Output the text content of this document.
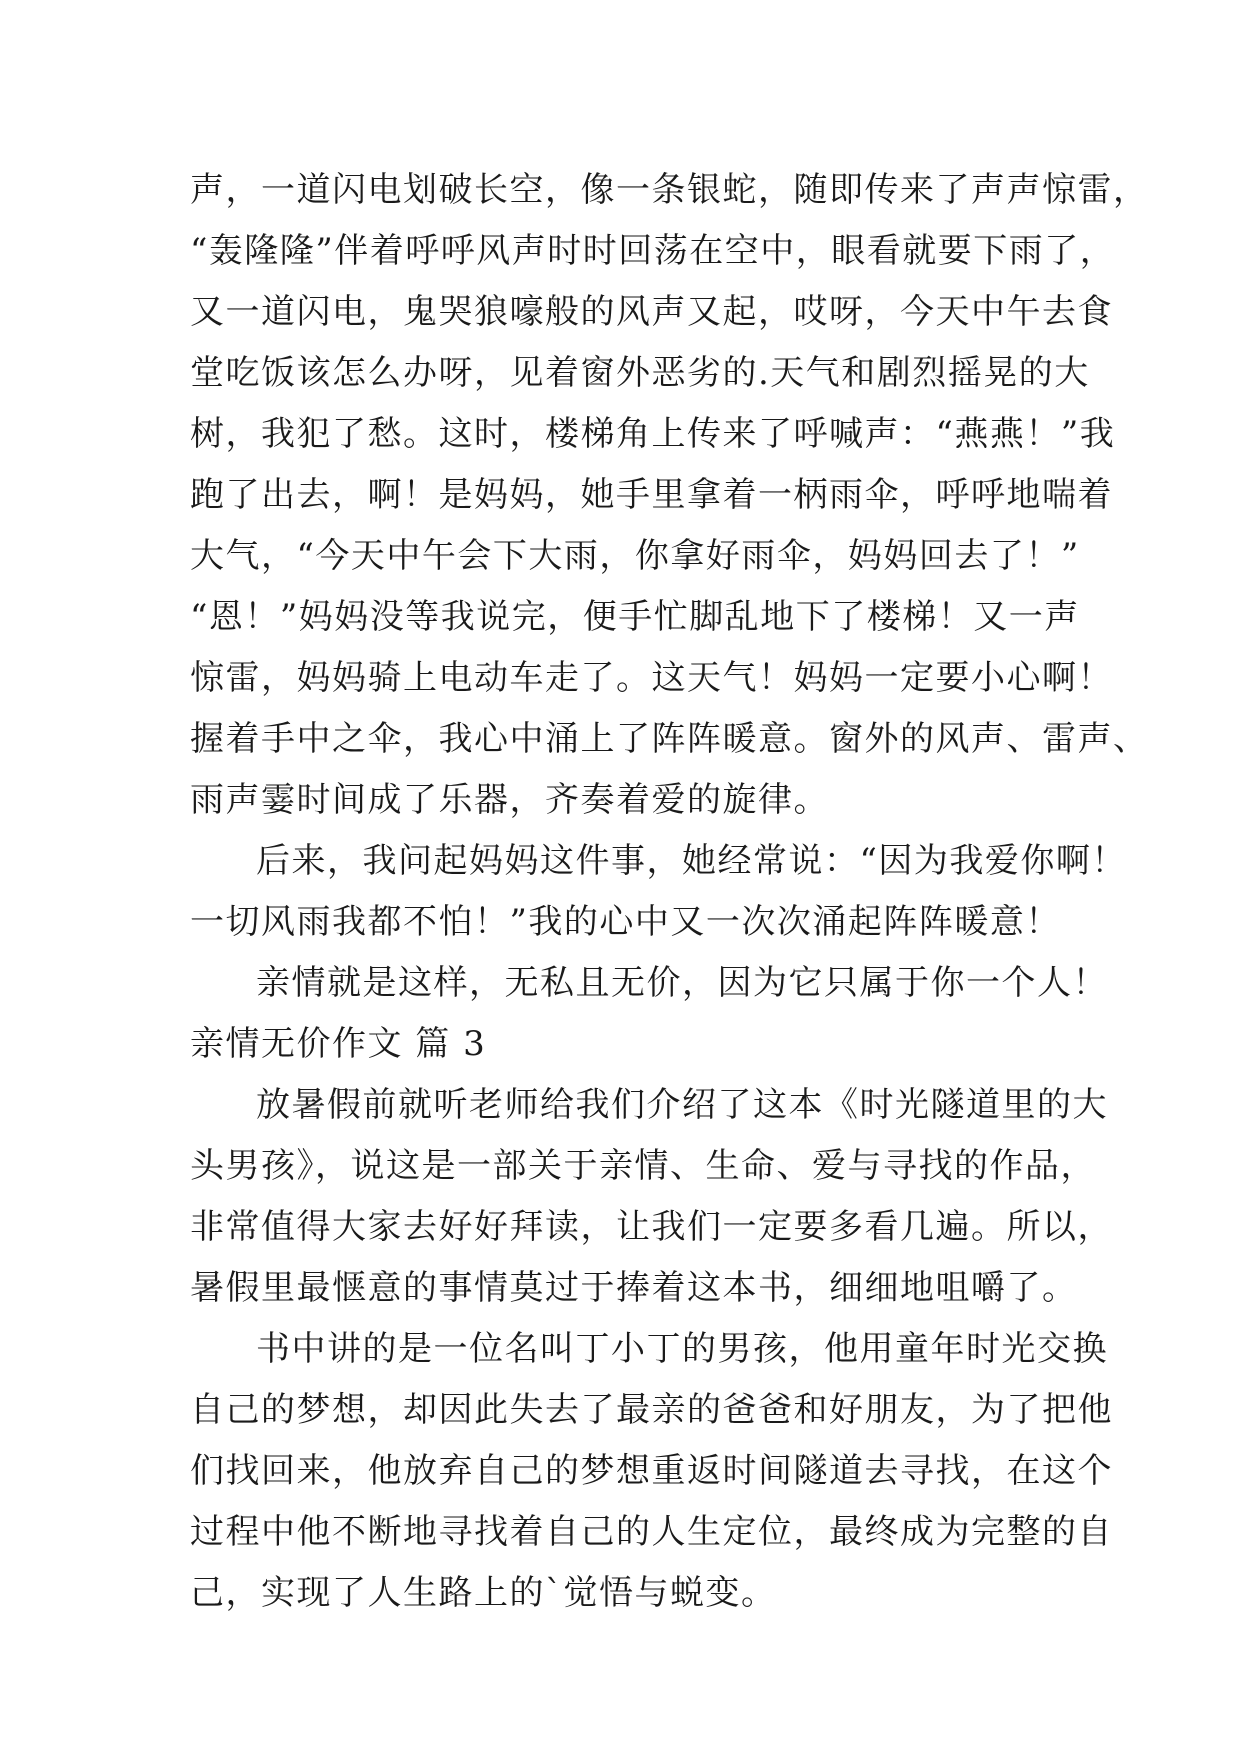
声，一道闪电划破长空，像一条银蛇，随即传来了声声惊雷，
“轰隆隆”伴着呼呼风声时时回荡在空中，眼看就要下雨了，
又一道闪电，鬼哭狼嚎般的风声又起，哎呀，今天中午去食
堂吃饭该怎么办呀，见着窗外恶劣的.天气和剧烈摇晃的大
树，我犯了愁。这时，楼梯角上传来了呼喊声：“燕燕！”我
跑了出去，啊！是妈妈，她手里拿着一柄雨伞，呼呼地喘着
大气，“今天中午会下大雨，你拿好雨伞，妈妈回去了！”
“恩！”妈妈没等我说完，便手忙脚乱地下了楼梯！又一声
惊雷，妈妈骑上电动车走了。这天气！妈妈一定要小心啊！
握着手中之伞，我心中涌上了阵阵暖意。窗外的风声、雷声、
雨声霎时间成了乐器，齐奏着爱的旋律。
后来，我问起妈妈这件事，她经常说：“因为我爱你啊！
一切风雨我都不怕！”我的心中又一次次涌起阵阵暖意！
亲情就是这样，无私且无价，因为它只属于你一个人！
亲情无价作文 篇 3
放暑假前就听老师给我们介绍了这本《时光隧道里的大
头男孩》，说这是一部关于亲情、生命、爱与寻找的作品，
非常值得大家去好好拜读，让我们一定要多看几遍。所以，
暑假里最惬意的事情莫过于捧着这本书，细细地咀嚼了。
书中讲的是一位名叫丁小丁的男孩，他用童年时光交换
自己的梦想，却因此失去了最亲的爸爸和好朋友，为了把他
们找回来，他放弃自己的梦想重返时间隧道去寻找，在这个
过程中他不断地寻找着自己的人生定位，最终成为完整的自
己，实现了人生路上的`觉悟与蜕变。
